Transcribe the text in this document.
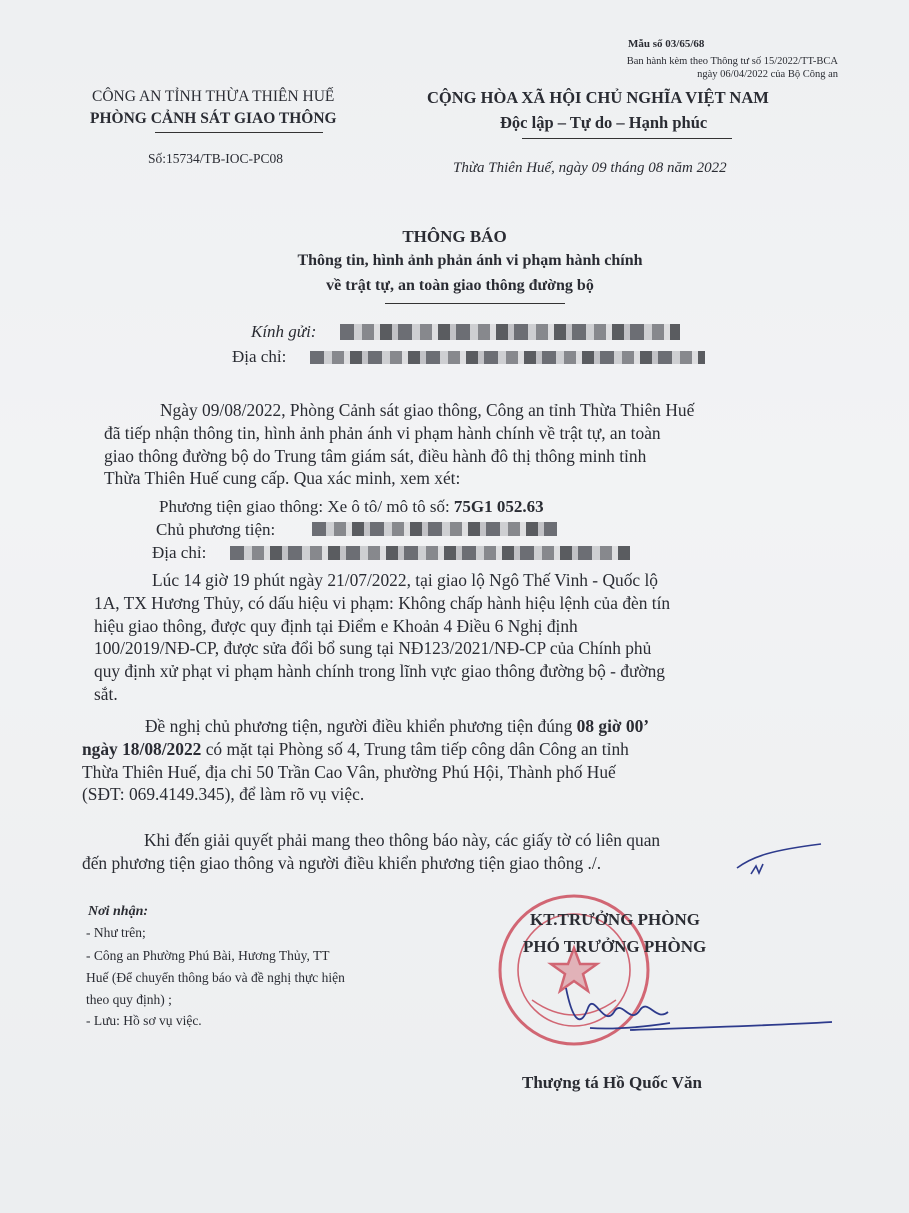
Mẫu số 03/65/68
Ban hành kèm theo Thông tư số 15/2022/TT-BCA
ngày 06/04/2022 của Bộ Công an
CÔNG AN TỈNH THỪA THIÊN HUẾ
PHÒNG CẢNH SÁT GIAO THÔNG
CỘNG HÒA XÃ HỘI CHỦ NGHĨA VIỆT NAM
Độc lập – Tự do – Hạnh phúc
Số:15734/TB-IOC-PC08
Thừa Thiên Huế, ngày 09 tháng 08 năm 2022
THÔNG BÁO
Thông tin, hình ảnh phản ánh vi phạm hành chính
về trật tự, an toàn giao thông đường bộ
Kính gửi:
Địa chỉ:
Ngày 09/08/2022, Phòng Cảnh sát giao thông, Công an tỉnh Thừa Thiên Huế
đã tiếp nhận thông tin, hình ảnh phản ánh vi phạm hành chính về trật tự, an toàn
giao thông đường bộ do Trung tâm giám sát, điều hành đô thị thông minh tỉnh
Thừa Thiên Huế cung cấp. Qua xác minh, xem xét:
Phương tiện giao thông: Xe ô tô/ mô tô số: 75G1 052.63
Chủ phương tiện:
Địa chỉ:
Lúc 14 giờ 19 phút ngày 21/07/2022, tại giao lộ Ngô Thế Vinh - Quốc lộ
1A, TX Hương Thủy, có dấu hiệu vi phạm: Không chấp hành hiệu lệnh của đèn tín
hiệu giao thông, được quy định tại Điểm e Khoản 4 Điều 6 Nghị định
100/2019/NĐ-CP, được sửa đổi bổ sung tại NĐ123/2021/NĐ-CP của Chính phủ
quy định xử phạt vi phạm hành chính trong lĩnh vực giao thông đường bộ - đường
sắt.
Đề nghị chủ phương tiện, người điều khiển phương tiện đúng 08 giờ 00’
ngày 18/08/2022 có mặt tại Phòng số 4, Trung tâm tiếp công dân Công an tỉnh
Thừa Thiên Huế, địa chỉ 50 Trần Cao Vân, phường Phú Hội, Thành phố Huế
(SĐT: 069.4149.345), để làm rõ vụ việc.
Khi đến giải quyết phải mang theo thông báo này, các giấy tờ có liên quan
đến phương tiện giao thông và người điều khiển phương tiện giao thông ./.
Nơi nhận:
- Như trên;
- Công an Phường Phú Bài, Hương Thủy, TT
Huế (Để chuyển thông báo và đề nghị thực hiện
theo quy định) ;
- Lưu: Hồ sơ vụ việc.
KT.TRƯỞNG PHÒNG
PHÓ TRƯỞNG PHÒNG
Thượng tá Hồ Quốc Văn
